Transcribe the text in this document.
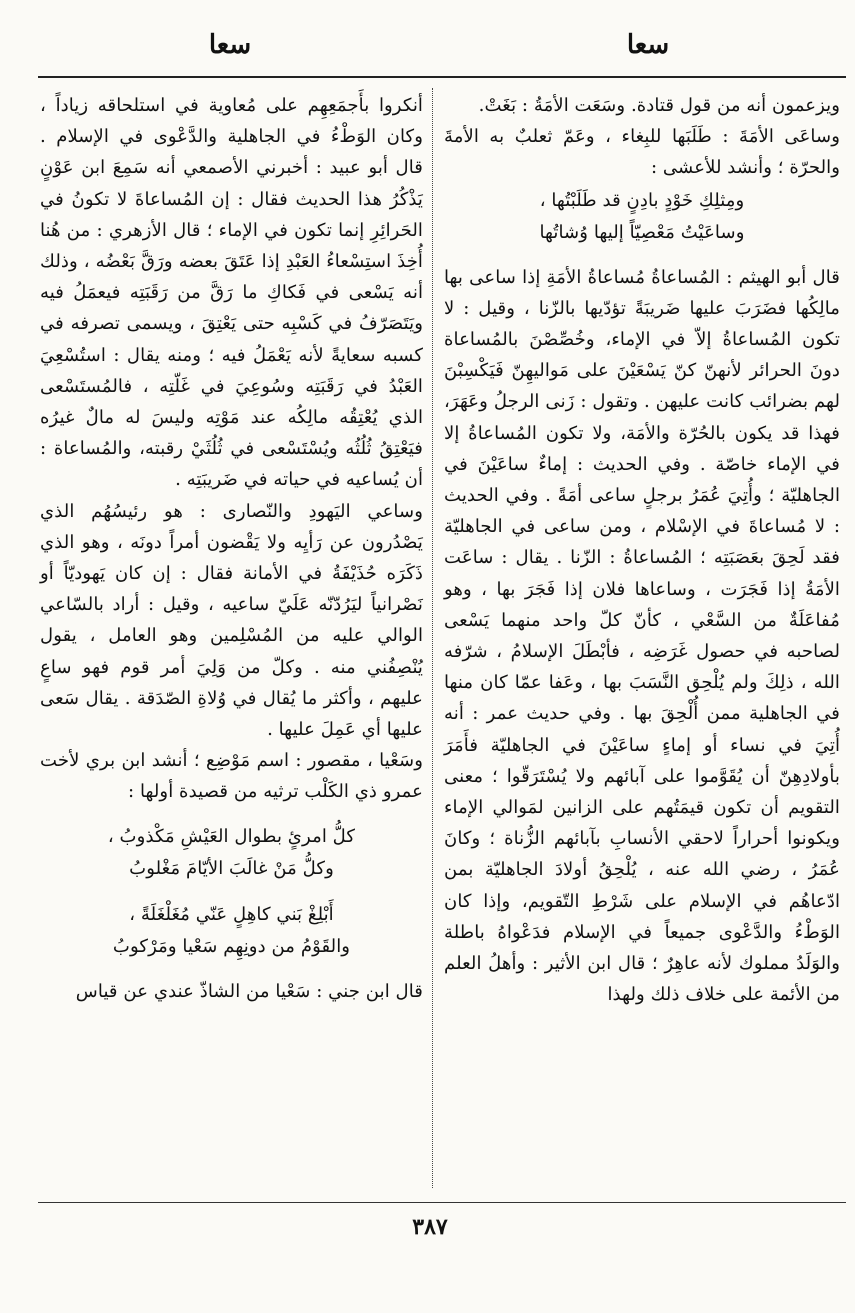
سعا
سعا

ويزعمون أنه من قول قتادة. وسَعَت الأمَةُ : بَغَتْ.

وساعَى الأمَةَ : طَلَبَها للبِغاء ، وعَمّ ثعلبٌ به الأمةَ والحرّة ؛ وأنشد للأعشى :

ومِثلِكِ خَوْدٍ بادِنٍ قد طَلَبْتُها ،
وساعَيْتُ مَعْصِيّاً إليها وُشاتُها

قال أبو الهيثم : المُساعاةُ مُساعاةُ الأمَةِ إذا ساعى بها مالِكُها فضَرَبَ عليها ضَريبَةً تؤدّيها بالزّنا ، وقيل : لا تكون المُساعاةُ إلاّ في الإماء، وخُصِّصْنَ بالمُساعاة دونَ الحرائر لأنهنّ كنّ يَسْعَيْنَ على مَواليهِنّ فَيَكْسِبْنَ لهم بضرائب كانت عليهن . وتقول : زَنى الرجلُ وعَهَرَ، فهذا قد يكون بالحُرّة والأمَة، ولا تكون المُساعاةُ إلا في الإماء خاصّة . وفي الحديث : إماءٌ ساعَيْنَ في الجاهليّة ؛ وأُتِيَ عُمَرُ برجلٍ ساعى أمَةً . وفي الحديث : لا مُساعاةَ في الإسْلام ، ومن ساعى في الجاهليّة فقد لَحِقَ بعَصَبَتِه ؛ المُساعاةُ : الزّنا . يقال : ساعَت الأمَةُ إذا فَجَرَت ، وساعاها فلان إذا فَجَرَ بها ، وهو مُفاعَلَةٌ من السَّعْي ، كأنّ كلّ واحد منهما يَسْعى لصاحبه في حصول غَرَضِه ، فأبْطَلَ الإسلامُ ، شرّفه الله ، ذلِكَ ولم يُلْحِق النَّسَبَ بها ، وعَفا عمّا كان منها في الجاهلية ممن أُلْحِقَ بها . وفي حديث عمر : أنه أُتِيَ في نساء أو إماءٍ ساعَيْنَ في الجاهليّة فأَمَرَ بأولادِهِنّ أن يُقَوَّموا على آبائهم ولا يُسْتَرَقّوا ؛ معنى التقويم أن تكون قيمَتُهم على الزانين لمَوالي الإماء ويكونوا أحراراً لاحقي الأنسابِ بآبائهم الزُّناة ؛ وكانَ عُمَرُ ، رضي الله عنه ، يُلْحِقُ أولادَ الجاهليّة بمن ادّعاهُم في الإسلام على شَرْطِ التّقويم، وإذا كان الوَطْءُ والدَّعْوى جميعاً في الإسلام فدَعْواهُ باطلة والوَلَدُ مملوك لأنه عاهِرٌ ؛ قال ابن الأثير : وأهلُ العلم من الأئمة على خلاف ذلك ولهذا

أنكروا بأَجمَعِهِم على مُعاوية في استلحاقه زياداً ، وكان الوَطْءُ في الجاهلية والدَّعْوى في الإسلام . قال أبو عبيد : أخبرني الأصمعي أنه سَمِعَ ابن عَوْنٍ يَذْكُرُ هذا الحديث فقال : إن المُساعاةَ لا تكونُ في الحَرائِرِ إنما تكون في الإماء ؛ قال الأزهري : من هُنا أُخِذَ استِسْعاءُ العَبْدِ إذا عَتَقَ بعضه ورَقَّ بَعْضُه ، وذلك أنه يَسْعى في فَكاكِ ما رَقَّ من رَقَبَتِه فيعمَلُ فيه ويَتَصَرّفُ في كَسْبِه حتى يَعْتِقَ ، ويسمى تصرفه في كسبه سعايةً لأنه يَعْمَلُ فيه ؛ ومنه يقال : استُسْعِيَ العَبْدُ في رَقَبَتِه وسُوعِيَ في غَلّتِه ، فالمُستَسْعى الذي يُعْتِقُه مالِكُه عند مَوْتِه وليسَ له مالٌ غيرُه فيَعْتِقُ ثُلُثُه ويُسْتَسْعى في ثُلُثَيْ رقبته، والمُساعاة : أن يُساعيه في حياته في ضَريبَتِه .

وساعي اليَهودِ والنّصارى : هو رئيسُهُم الذي يَصْدُرون عن رَأيِه ولا يَقْضون أمراً دونَه ، وهو الذي ذَكَرَه حُذَيْفَةُ في الأمانة فقال : إن كان يَهوديّاً أو نَصْرانياً ليَرُدّنّه عَلَيّ ساعيه ، وقيل : أراد بالسّاعي الوالي عليه من المُسْلِمين وهو العامل ، يقول يُنْصِفُني منه . وكلّ من وَلِيَ أمر قوم فهو ساعٍ عليهم ، وأكثر ما يُقال في وُلاةِ الصّدَقة . يقال سَعى عليها أي عَمِلَ عليها .

وسَعْيا ، مقصور : اسم مَوْضِع ؛ أنشد ابن بري لأخت عمرو ذي الكَلْب ترثيه من قصيدة أولها :

كلُّ امرئٍ بطوال العَيْشِ مَكْذوبُ ،
وكلُّ مَنْ غالَبَ الأيّامَ مَغْلوبُ
أَبْلِغْ بَني كاهِلٍ عَنّي مُغَلْغَلَةً ،
والقَوْمُ من دونِهِم سَعْيا ومَرْكوبُ

قال ابن جني : سَعْيا من الشاذّ عندي عن قياس

٣٨٧
